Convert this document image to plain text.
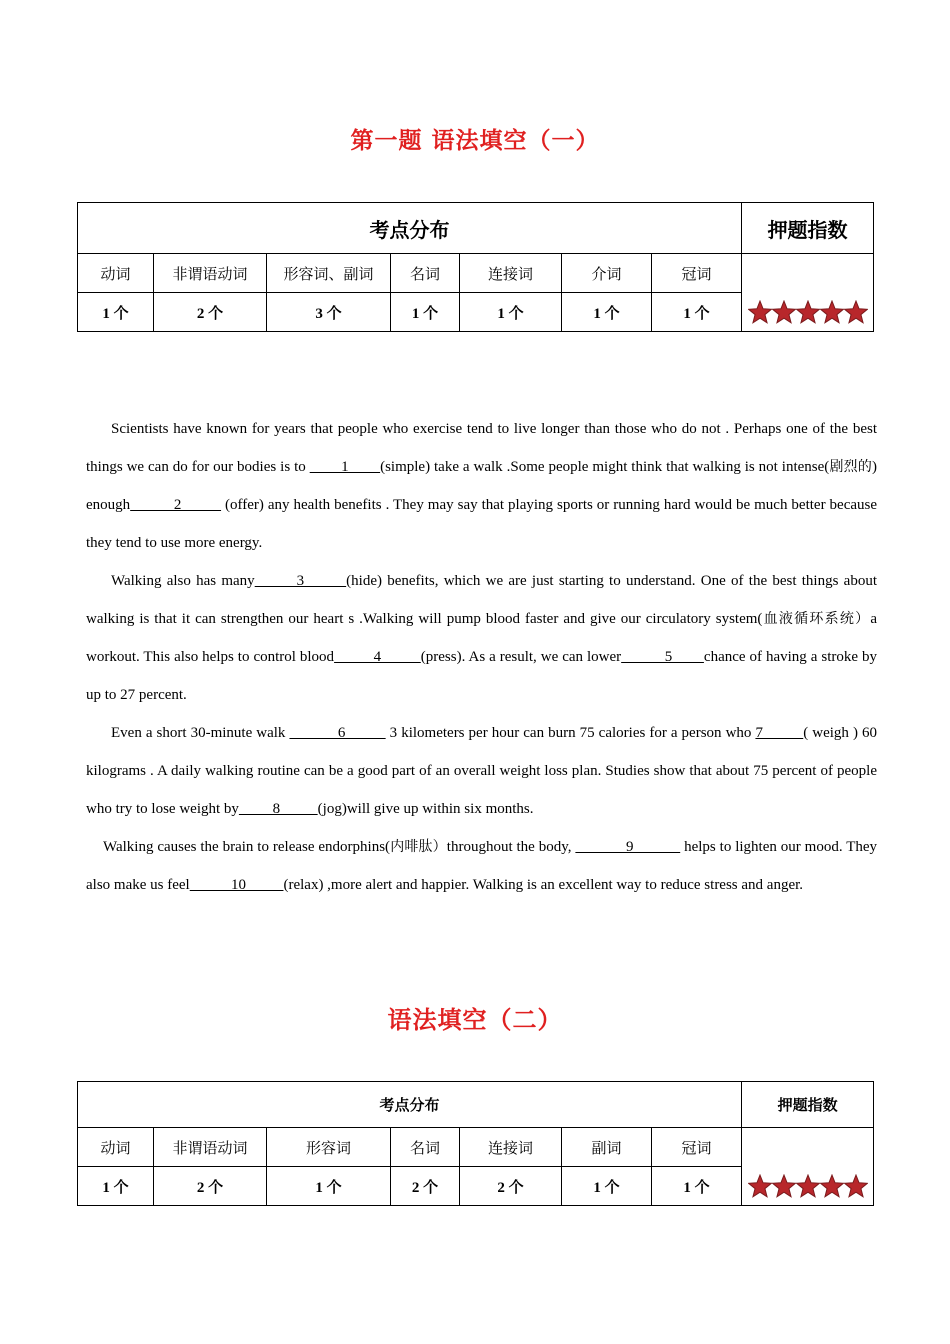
第一题 语法填空（一）
考点分布							押题指数
动词	非谓语动词	形容词、副词	名词	连接词	介词	冠词	

1 个	2 个	3 个	1 个	1 个	1 个	1 个	

Scientists have known for years that people who exercise tend to live longer than those who do not . Perhaps one of the best things we can do for our bodies is to         1        (simple) take a walk .Some people might think that walking is not intense(剧烈的) enough           2           (offer) any health benefits . They may say that playing sports or running hard would be much better because they tend to use more energy.

Walking also has many        3        (hide) benefits, which we are just starting to understand. One of the best things about walking is that it can strengthen our heart s .Walking will pump blood faster and give our circulatory system(血液循环系统）a workout. This also helps to control blood          4          (press). As a result, we can lower           5        chance of having a stroke by up to 27 percent.

Even a short 30-minute walk             6           3 kilometers per hour can burn 75 calories for a person who 7          ( weigh ) 60 kilograms . A daily walking routine can be a good part of an overall weight loss plan. Studies show that about 75 percent of people who try to lose weight by         8          (jog)will give up within six months.

Walking causes the brain to release endorphins(内啡肽）throughout the body,              9             helps to lighten our mood. They also make us feel           10          (relax) ,more alert and happier. Walking is an excellent way to reduce stress and anger.

语法填空（二）
考点分布							押题指数
动词	非谓语动词	形容词	名词	连接词	副词	冠词	

1 个	2 个	1 个	2 个	2 个	1 个	1 个	
